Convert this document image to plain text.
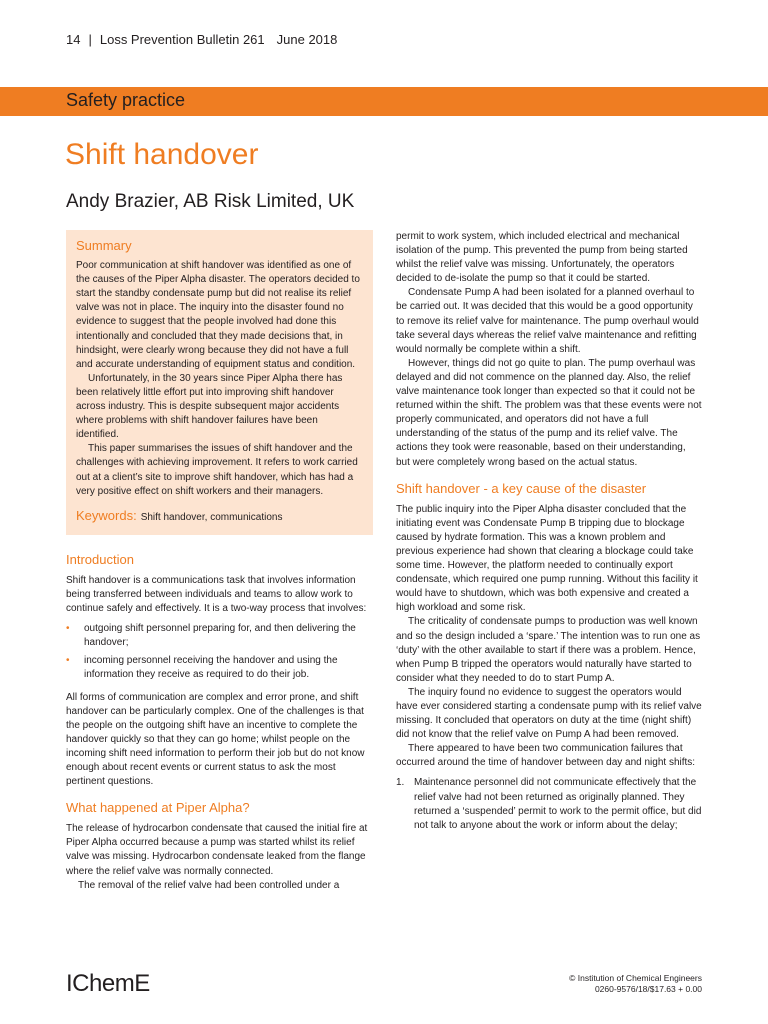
14 | Loss Prevention Bulletin 261 June 2018
Safety practice
Shift handover
Andy Brazier, AB Risk Limited, UK
Summary

Poor communication at shift handover was identified as one of the causes of the Piper Alpha disaster. The operators decided to start the standby condensate pump but did not realise its relief valve was not in place. The inquiry into the disaster found no evidence to suggest that the people involved had done this intentionally and concluded that they made decisions that, in hindsight, were clearly wrong because they did not have a full and accurate understanding of equipment status and condition.

Unfortunately, in the 30 years since Piper Alpha there has been relatively little effort put into improving shift handover across industry. This is despite subsequent major accidents where problems with shift handover failures have been identified.

This paper summarises the issues of shift handover and the challenges with achieving improvement. It refers to work carried out at a client’s site to improve shift handover, which has had a very positive effect on shift workers and their managers.

Keywords: Shift handover, communications
Introduction

Shift handover is a communications task that involves information being transferred between individuals and teams to allow work to continue safely and effectively. It is a two-way process that involves:

• outgoing shift personnel preparing for, and then delivering the handover;
• incoming personnel receiving the handover and using the information they receive as required to do their job.

All forms of communication are complex and error prone, and shift handover can be particularly complex. One of the challenges is that the people on the outgoing shift have an incentive to complete the handover quickly so that they can go home; whilst people on the incoming shift need information to perform their job but do not know enough about recent events or current status to ask the most pertinent questions.

What happened at Piper Alpha?

The release of hydrocarbon condensate that caused the initial fire at Piper Alpha occurred because a pump was started whilst its relief valve was missing. Hydrocarbon condensate leaked from the flange where the relief valve was normally connected.

The removal of the relief valve had been controlled under a

permit to work system, which included electrical and mechanical isolation of the pump. This prevented the pump from being started whilst the relief valve was missing. Unfortunately, the operators decided to de-isolate the pump so that it could be started.

Condensate Pump A had been isolated for a planned overhaul to be carried out. It was decided that this would be a good opportunity to remove its relief valve for maintenance. The pump overhaul would take several days whereas the relief valve maintenance and refitting would normally be complete within a shift.

However, things did not go quite to plan. The pump overhaul was delayed and did not commence on the planned day. Also, the relief valve maintenance took longer than expected so that it could not be returned within the shift. The problem was that these events were not properly communicated, and operators did not have a full understanding of the status of the pump and its relief valve. The actions they took were reasonable, based on their understanding, but were completely wrong based on the actual status.

Shift handover - a key cause of the disaster

The public inquiry into the Piper Alpha disaster concluded that the initiating event was Condensate Pump B tripping due to blockage caused by hydrate formation. This was a known problem and previous experience had shown that clearing a blockage could take some time. However, the platform needed to continually export condensate, which required one pump running. Without this facility it would have to shutdown, which was both expensive and created a high workload and some risk.

The criticality of condensate pumps to production was well known and so the design included a ‘spare.’ The intention was to run one as ‘duty’ with the other available to start if there was a problem. Hence, when Pump B tripped the operators would naturally have started to consider what they needed to do to start Pump A.

The inquiry found no evidence to suggest the operators would have ever considered starting a condensate pump with its relief valve missing. It concluded that operators on duty at the time (night shift) did not know that the relief valve on Pump A had been removed.

There appeared to have been two communication failures that occurred around the time of handover between day and night shifts:

1. Maintenance personnel did not communicate effectively that the relief valve had not been returned as originally planned. They returned a ‘suspended’ permit to work to the permit office, but did not talk to anyone about the work or inform about the delay;
IChemE	© Institution of Chemical Engineers
0260-9576/18/$17.63 + 0.00
